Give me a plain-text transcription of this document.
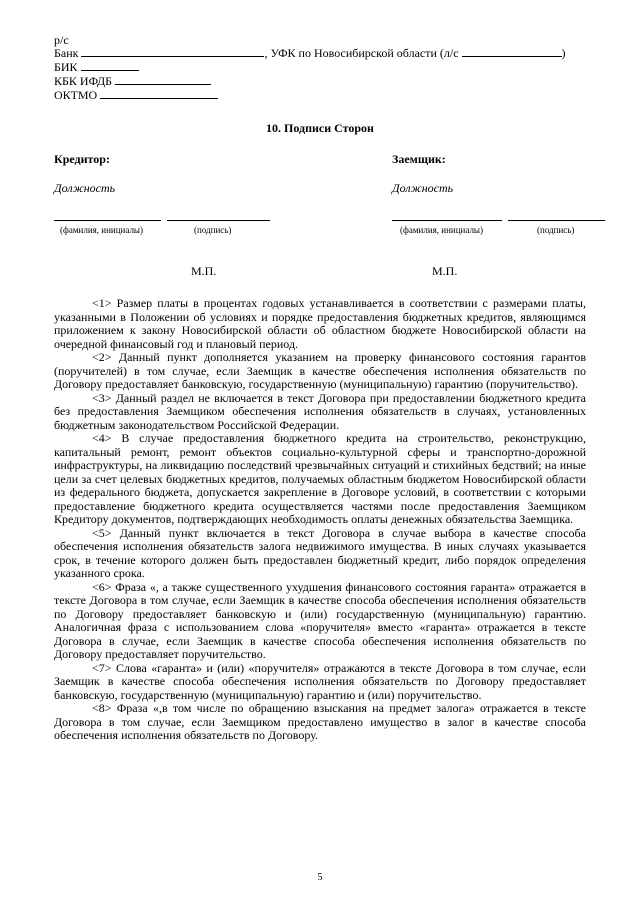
р/с
Банк	, УФК по Новосибирской области (л/с	)
БИК
КБК ИФДБ
ОКТМО
10. Подписи Сторон
Кредитор:
Должность
(фамилия, инициалы)	(подпись)
М.П.
Заемщик:
Должность
(фамилия, инициалы)	(подпись)
М.П.

<1> Размер платы в процентах годовых устанавливается в соответствии с размерами платы, указанными в Положении об условиях и порядке предоставления бюджетных кредитов, являющимся приложением к закону Новосибирской области об областном бюджете Новосибирской области на очередной финансовый год и плановый период.

<2> Данный пункт дополняется указанием на проверку финансового состояния гарантов (поручителей) в том случае, если Заемщик в качестве обеспечения исполнения обязательств по Договору предоставляет банковскую, государственную (муниципальную) гарантию (поручительство).

<3> Данный раздел не включается в текст Договора при предоставлении бюджетного кредита без предоставления Заемщиком обеспечения исполнения обязательств в случаях, установленных бюджетным законодательством Российской Федерации.

<4> В случае предоставления бюджетного кредита на строительство, реконструкцию, капитальный ремонт, ремонт объектов социально-культурной сферы и транспортно-дорожной инфраструктуры, на ликвидацию последствий чрезвычайных ситуаций и стихийных бедствий; на иные цели за счет целевых бюджетных кредитов, получаемых областным бюджетом Новосибирской области из федерального бюджета, допускается закрепление в Договоре условий, в соответствии с которыми предоставление бюджетного кредита осуществляется частями после предоставления Заемщиком Кредитору документов, подтверждающих необходимость оплаты денежных обязательства Заемщика.

<5> Данный пункт включается в текст Договора в случае выбора в качестве способа обеспечения исполнения обязательств залога недвижимого имущества. В иных случаях указывается срок, в течение которого должен быть предоставлен бюджетный кредит, либо порядок определения указанного срока.

<6> Фраза «, а также существенного ухудшения финансового состояния гаранта» отражается в тексте Договора в том случае, если Заемщик в качестве способа обеспечения исполнения обязательств по Договору предоставляет банковскую и (или) государственную (муниципальную) гарантию. Аналогичная фраза с использованием слова «поручителя» вместо «гаранта» отражается в тексте Договора в случае, если Заемщик в качестве способа обеспечения исполнения обязательств по Договору предоставляет поручительство.

<7> Слова «гаранта» и (или) «поручителя» отражаются в тексте Договора в том случае, если Заемщик в качестве способа обеспечения исполнения обязательств по Договору предоставляет банковскую, государственную (муниципальную) гарантию и (или) поручительство.

<8> Фраза «,в том числе по обращению взыскания на предмет залога» отражается в тексте Договора в том случае, если Заемщиком предоставлено имущество в залог в качестве способа обеспечения исполнения обязательств по Договору.

5
